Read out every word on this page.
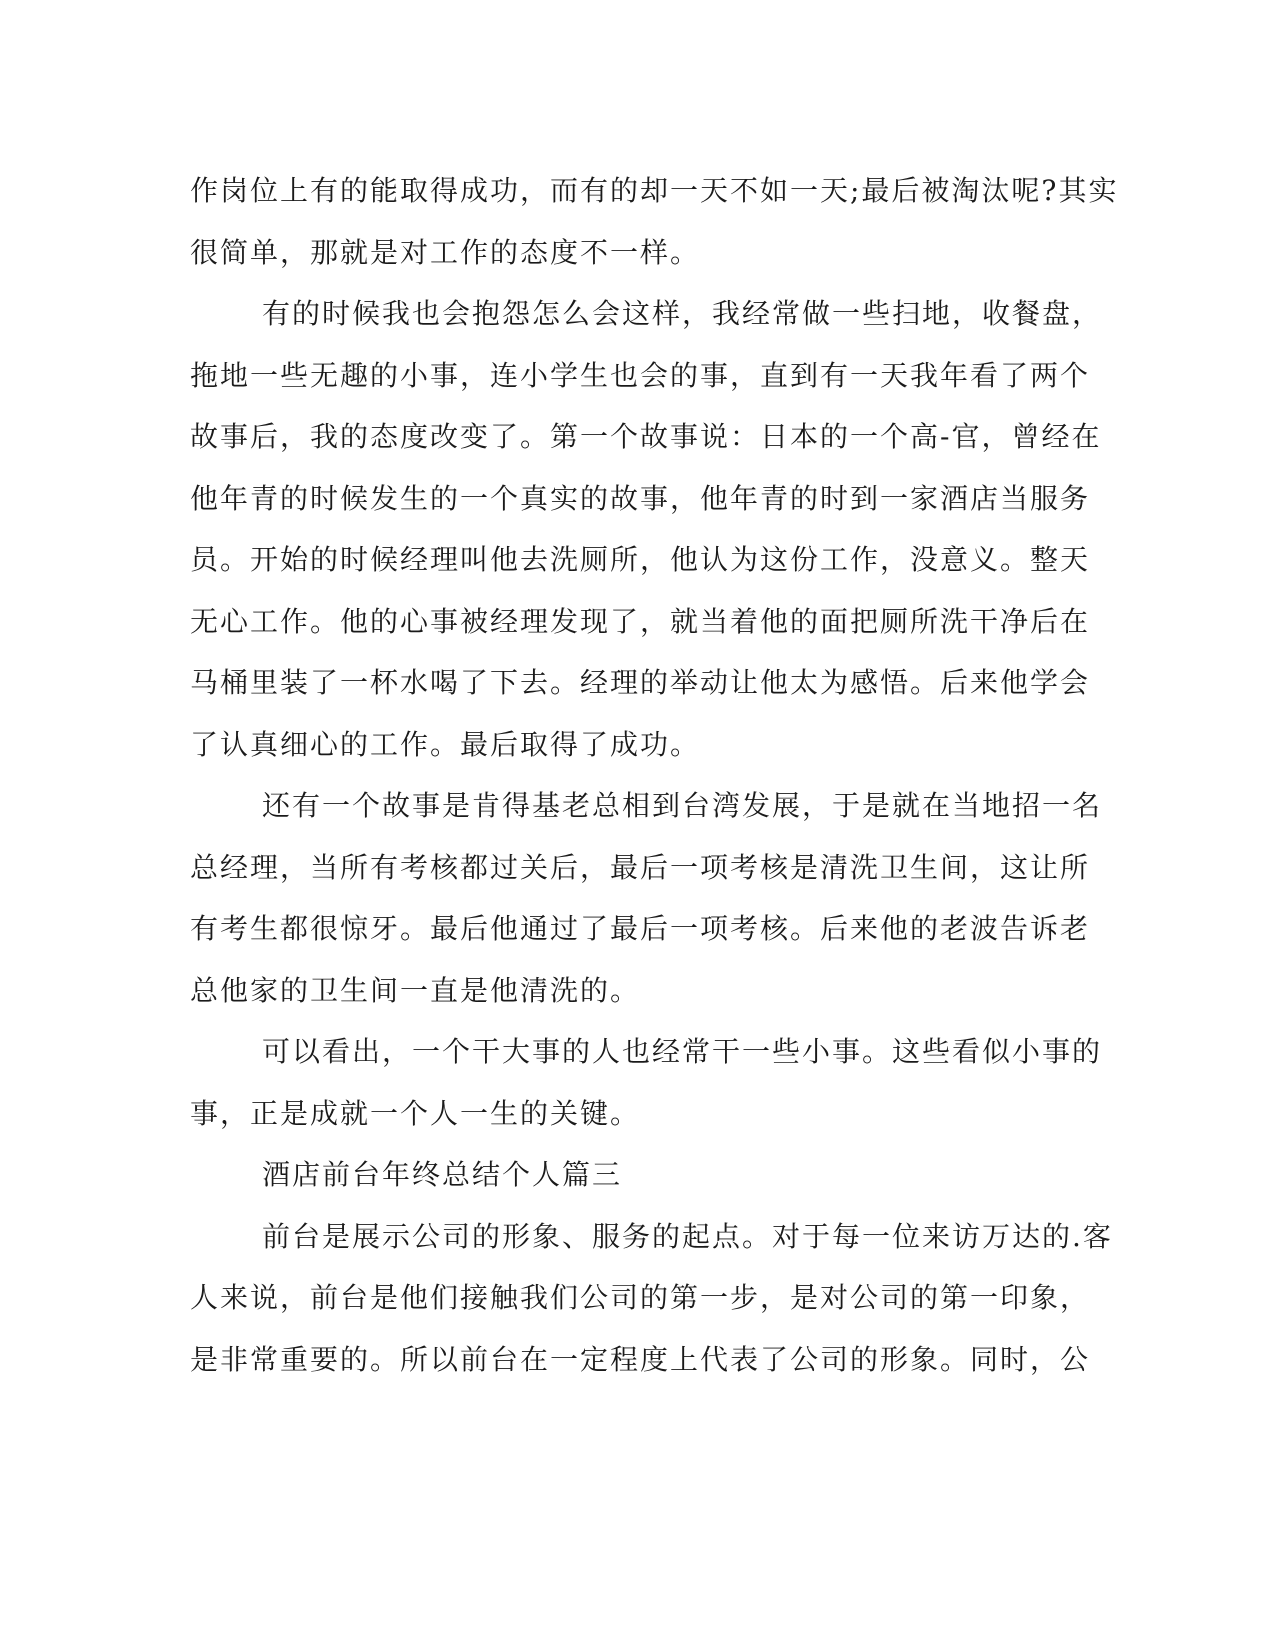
作岗位上有的能取得成功，而有的却一天不如一天;最后被淘汰呢?其实
很简单，那就是对工作的态度不一样。
有的时候我也会抱怨怎么会这样，我经常做一些扫地，收餐盘，
拖地一些无趣的小事，连小学生也会的事，直到有一天我年看了两个
故事后，我的态度改变了。第一个故事说：日本的一个高-官，曾经在
他年青的时候发生的一个真实的故事，他年青的时到一家酒店当服务
员。开始的时候经理叫他去洗厕所，他认为这份工作，没意义。整天
无心工作。他的心事被经理发现了，就当着他的面把厕所洗干净后在
马桶里装了一杯水喝了下去。经理的举动让他太为感悟。后来他学会
了认真细心的工作。最后取得了成功。
还有一个故事是肯得基老总相到台湾发展，于是就在当地招一名
总经理，当所有考核都过关后，最后一项考核是清洗卫生间，这让所
有考生都很惊牙。最后他通过了最后一项考核。后来他的老波告诉老
总他家的卫生间一直是他清洗的。
可以看出，一个干大事的人也经常干一些小事。这些看似小事的
事，正是成就一个人一生的关键。
酒店前台年终总结个人篇三
前台是展示公司的形象、服务的起点。对于每一位来访万达的.客
人来说，前台是他们接触我们公司的第一步，是对公司的第一印象，
是非常重要的。所以前台在一定程度上代表了公司的形象。同时，公
